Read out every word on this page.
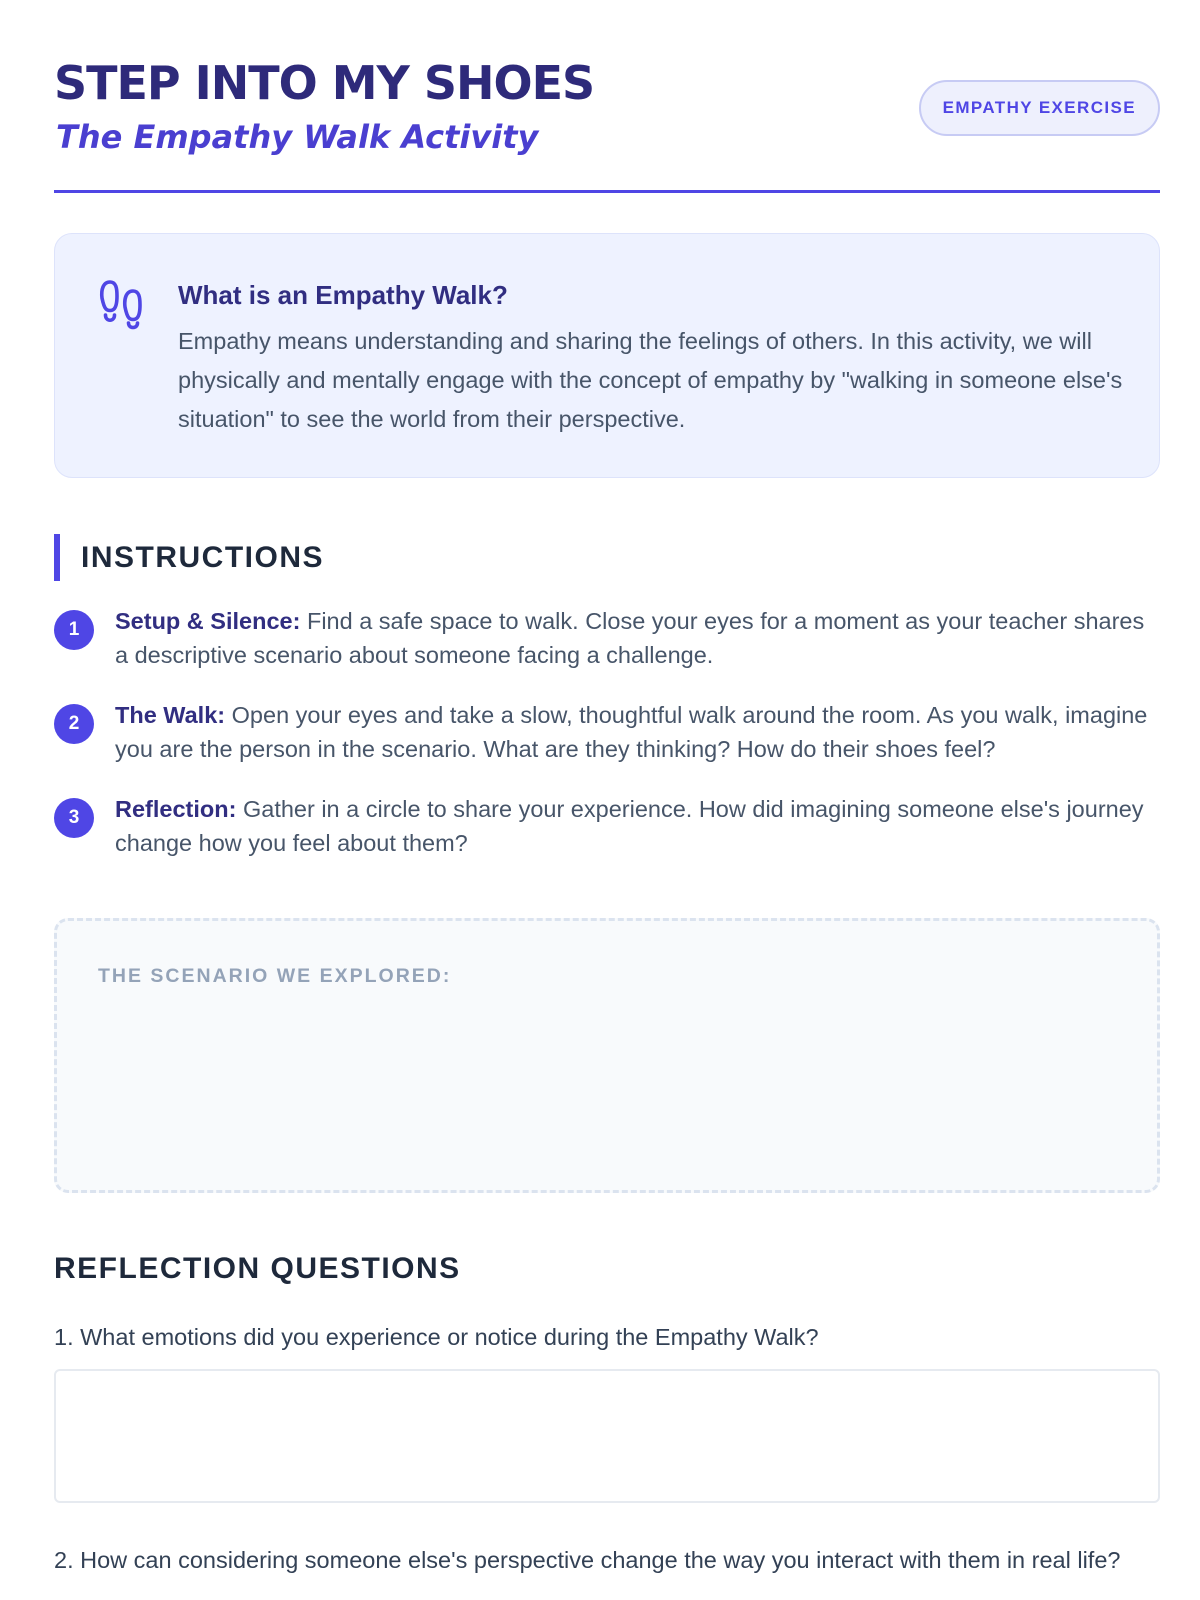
STEP INTO MY SHOES
The Empathy Walk Activity
EMPATHY EXERCISE
What is an Empathy Walk?
Empathy means understanding and sharing the feelings of others. In this activity, we will physically and mentally engage with the concept of empathy by "walking in someone else's situation" to see the world from their perspective.
INSTRUCTIONS
1	Setup & Silence: Find a safe space to walk. Close your eyes for a moment as your teacher shares a descriptive scenario about someone facing a challenge.
2	The Walk: Open your eyes and take a slow, thoughtful walk around the room. As you walk, imagine you are the person in the scenario. What are they thinking? How do their shoes feel?
3	Reflection: Gather in a circle to share your experience. How did imagining someone else's journey change how you feel about them?
THE SCENARIO WE EXPLORED:
REFLECTION QUESTIONS
1. What emotions did you experience or notice during the Empathy Walk?
2. How can considering someone else's perspective change the way you interact with them in real life?
